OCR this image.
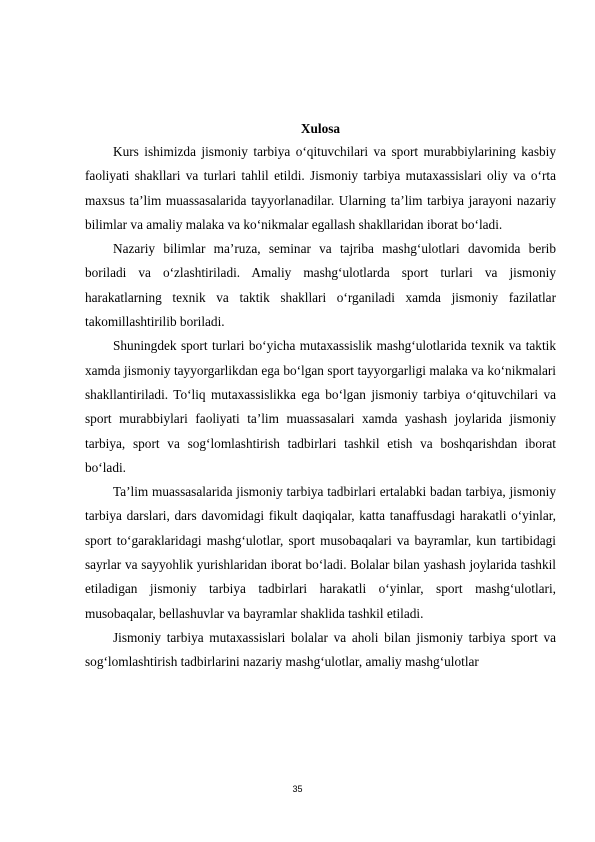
Xulosa

Kurs ishimizda jismoniy tarbiya o‘qituvchilari va sport murabbiylarining kasbiy faoliyati shakllari va turlari tahlil etildi. Jismoniy tarbiya mutaxassislari oliy va o‘rta maxsus ta’lim muassasalarida tayyorlanadilar. Ularning ta’lim tarbiya jarayoni nazariy bilimlar va amaliy malaka va ko‘nikmalar egallash shakllaridan iborat bo‘ladi.

Nazariy bilimlar ma’ruza, seminar va tajriba mashg‘ulotlari davomida berib boriladi va o‘zlashtiriladi. Amaliy mashg‘ulotlarda sport turlari va jismoniy harakatlarning texnik va taktik shakllari o‘rganiladi xamda jismoniy fazilatlar takomillashtirilib boriladi.

Shuningdek sport turlari bo‘yicha mutaxassislik mashg‘ulotlarida texnik va taktik xamda jismoniy tayyorgarlikdan ega bo‘lgan sport tayyorgarligi malaka va ko‘nikmalari shakllantiriladi. To‘liq mutaxassislikka ega bo‘lgan jismoniy tarbiya o‘qituvchilari va sport murabbiylari faoliyati ta’lim muassasalari xamda yashash joylarida jismoniy tarbiya, sport va sog‘lomlashtirish tadbirlari tashkil etish va boshqarishdan iborat bo‘ladi.

Ta’lim muassasalarida jismoniy tarbiya tadbirlari ertalabki badan tarbiya, jismoniy tarbiya darslari, dars davomidagi fikult daqiqalar, katta tanaffusdagi harakatli o‘yinlar, sport to‘garaklaridagi mashg‘ulotlar, sport musobaqalari va bayramlar, kun tartibidagi sayrlar va sayyohlik yurishlaridan iborat bo‘ladi. Bolalar bilan yashash joylarida tashkil etiladigan jismoniy tarbiya tadbirlari harakatli o‘yinlar, sport mashg‘ulotlari, musobaqalar, bellashuvlar va bayramlar shaklida tashkil etiladi.

Jismoniy tarbiya mutaxassislari bolalar va aholi bilan jismoniy tarbiya sport va sog‘lomlashtirish tadbirlarini nazariy mashg‘ulotlar, amaliy mashg‘ulotlar

35
